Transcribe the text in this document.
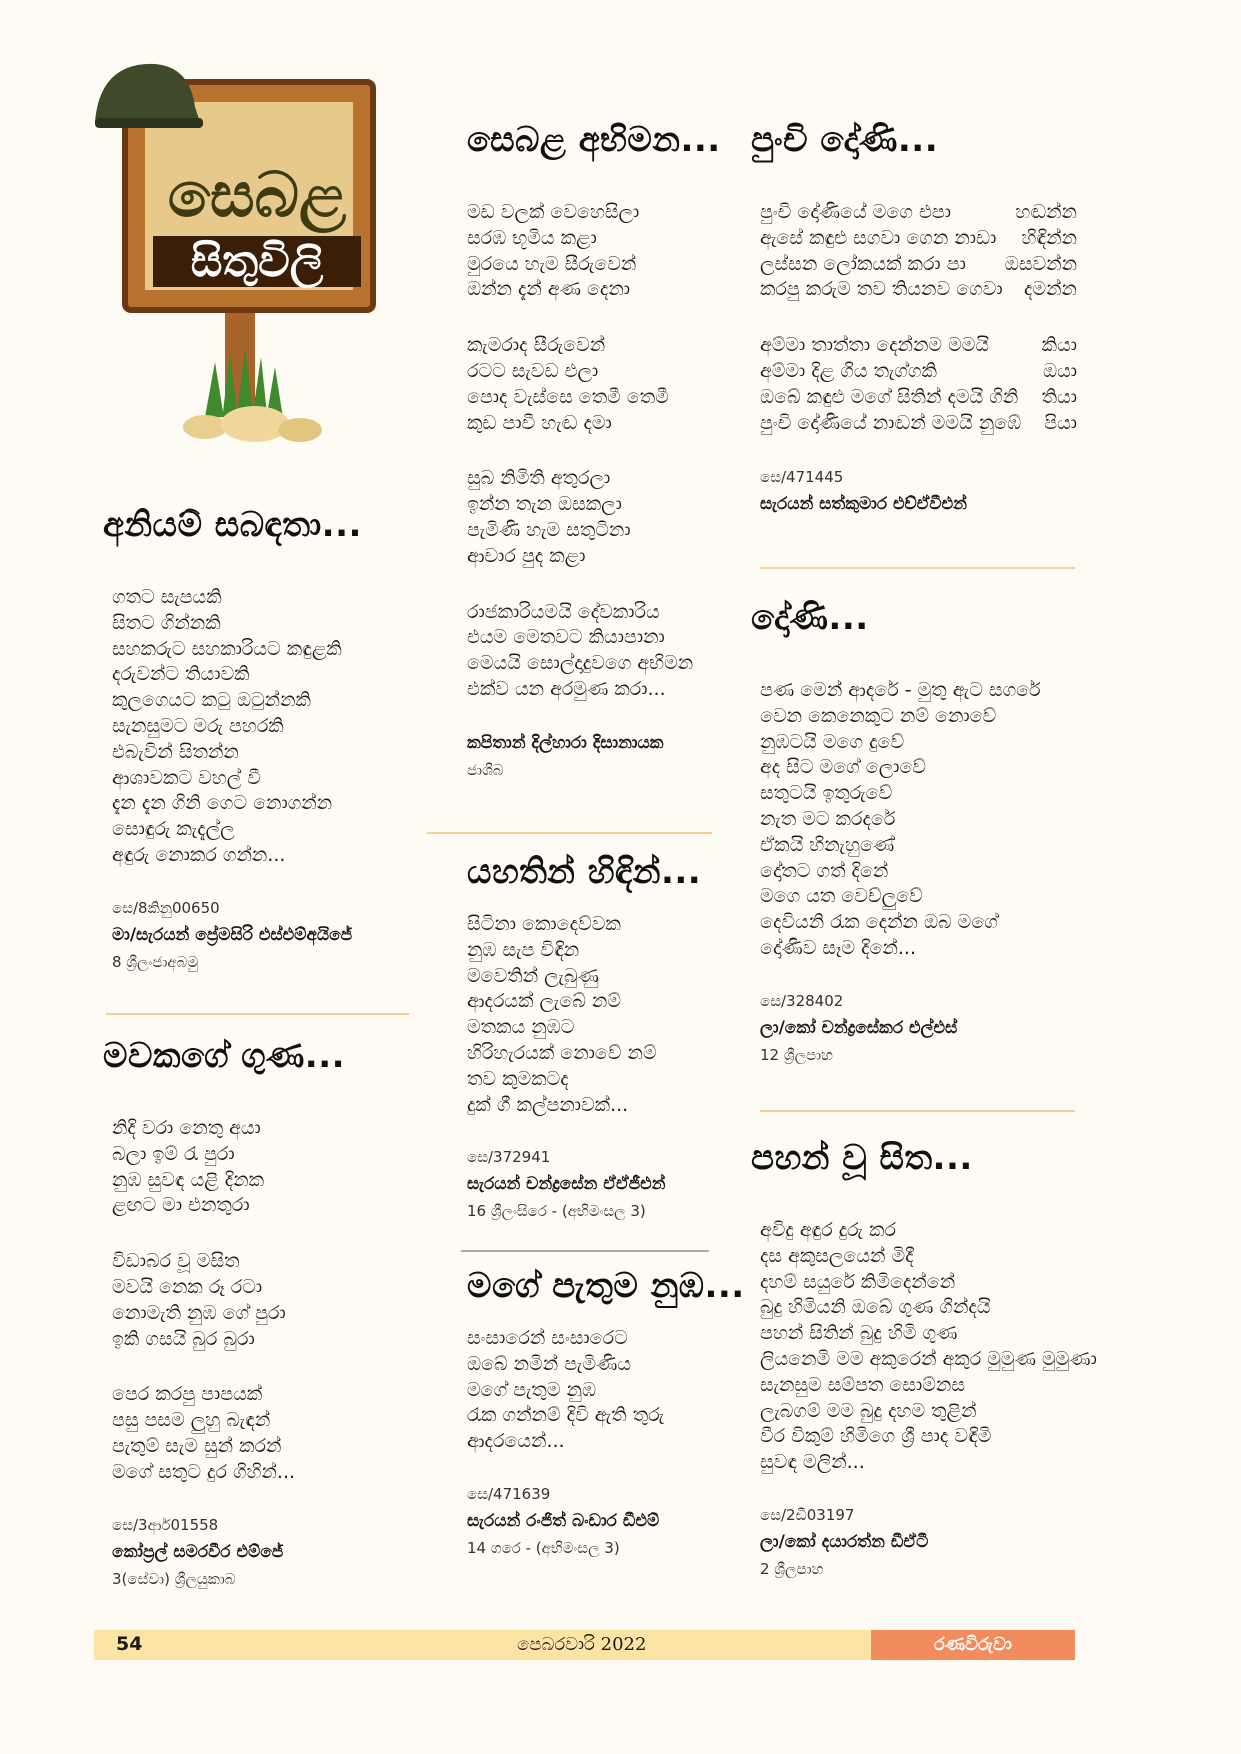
සෙබළ
සිතුවිලි
අනියම් සබඳතා...
ගතට සැපයකි
සිතට ගින්නකි
සහකරුට සහකාරියට කඳුළකි
දරුවන්ට තියාවකි
කුලගෙයට කටු ඔටුන්නකි
සැනසුමට මරු පහරකි
එබැවින් සිතන්න
ආශාවකට වහල් වී
දැන දැන ගිනි ගෙට නොගන්න
සොඳුරු කැදැල්ල
අඳුරු නොකර ගන්න...
සෙ/8කිනු00650
මා/සැරයන් ප්‍රේමසිරි එස්එම්අයිජේ
8 ශ්‍රීලංජාඅබමු
මවකගේ ගුණ...
නිදි වරා නෙතු අයා
බලා ඉම් රැ පුරා
නුඹ සුවඳ යළි දිනක
ළඟට මා එනතුරා
විඩාබර වූ මසිත
මවයි නෙක රූ රටා
නොමැති නුඹ ගේ පුරා
ඉකි ගසයි බුර බුරා
පෙර කරපු පාපයක්
පසු පසම ලුහු බැඳන්
පැතුම් සැම සුන් කරන්
මගේ සතුට දුර ගිහින්...
සෙ/3ආර්01558
කෝප්‍රල් සමරවීර එම්ජේ
3(සේවා) ශ්‍රීලයුකාබ
සෙබළ අභිමන...
මඩ වලක් වෙහෙසිලා
සරඹ භූමිය කළා
මුරයෙ හැම සීරුවෙන්
ඔන්න දැන් අණ දෙනා
කැමරාද සීරුවෙන්
රටට සැවඩ එලා
පොද වැස්සෙ තෙමී තෙමී
කුඩ පාවී හැඬ දමා
සුබ නිමිති අතුරලා
ඉන්න තැන ඔසකලා
පැමිණි හැම සතුටිනා
ආචාර පුද කළා
රාජකාරියමයි දේවකාරිය
එයම මෙතවට කියාපානා
මෙයයි සොල්දාදුවගෙ අභිමන
එක්ව යන අරමුණ කරා...
කපිතාන් දිල්හාරා දිසානායක
ජාශිබ
යහතින් හිඳින්...
සිටිනා කොදෙව්වක
නුඹ සැප විඳින
මවෙතින් ලැබුණු
ආදරයක් ලැබේ නම්
මතකය නුඹට
හිරිහැරයක් නොවේ නම්
තව කුමකටද
දුක් ගී කල්පනාවක්...
සෙ/372941
සැරයන් චන්ද්‍රසේන ඒඒජීඑන්
16 ශ්‍රීලංසිරෙ - (අභිමංසල 3)
මගේ පැතුම නුඹ...
සංසාරෙන් සංසාරෙට
ඔබේ නමින් පැමිණිය
මගේ පැතුම නුඹ
රැක ගන්නම් දිවි ඇති තුරු
ආදරයෙන්...
සෙ/471639
සැරයන් රංජිත් බංඩාර ඩීඑම්
14 ගරෙ - (අභිමංසල 3)
පුංචි දෝණි...
පුංචි දෝණියේ මගෙ එපා	හඬන්න
ඇසේ කඳුළු සගවා ගෙන නාඩා හිඳින්න
ලස්සන ලෝකයක් කරා පා ඔසවන්න
කරපු කරුම තව තියනව ගෙවා දමන්න
අම්මා තාත්තා දෙන්නම මමයි	කියා
අම්මා දිළ ගිය තැග්ගකි	ඔයා
ඔබේ කඳුළු මගේ සිතින් දමයි ගිනි තියා
පුංචි දෝණියේ නාඬන් මමයි නුඹේ පියා
සෙ/471445
සැරයන් සත්කුමාර එච්ඒවීඑන්
දෝණි...
පණ මෙන් ආදරේ - මුතු ඇට සගරේ
වෙන කෙනෙකුට නම් නොවේ
නුඹටයි මගෙ දුවේ
අද සිට මගේ ලොවේ
සතුටයි ඉතුරුවේ
නැත මට කරදරේ
ඒකයි හිනැහුණේ
දෝතට ගත් දිනේ
මගෙ යත වෙච්ලුවේ
දෙවියනි රැක දෙන්න ඔබ මගේ
දෝණිව සෑම දිනේ...
සෙ/328402
ලා/කෝ චන්ද්‍රසේකර එල්එස්
12 ශ්‍රීලපාහ
පහන් වූ සිත...
අවිදු අඳුර දුරු කර
දස අකුසලයෙන් මිදී
දහම් සයුරේ කිමිදෙන්නේ
බුදු හිමියනි ඔබේ ගුණ ගින්දයි
පහන් සිතින් බුදු හිමි ගුණ
ලියනෙමි මම අකුරෙන් අකුර මුමුණ මුමුණා
සැනසුම සම්පත සොම්නස
ලැබගම් මම බුදු දහම තුළින්
වීර විකුම් හිමිගෙ ශ්‍රී පාද වඳිමි
සුවඳ මලින්...
සෙ/2ඩී03197
ලා/කෝ දයාරත්න ඩීඒටී
2 ශ්‍රීලපාහ
54	පෙබරවාරි 2022	රණවිරුවා
